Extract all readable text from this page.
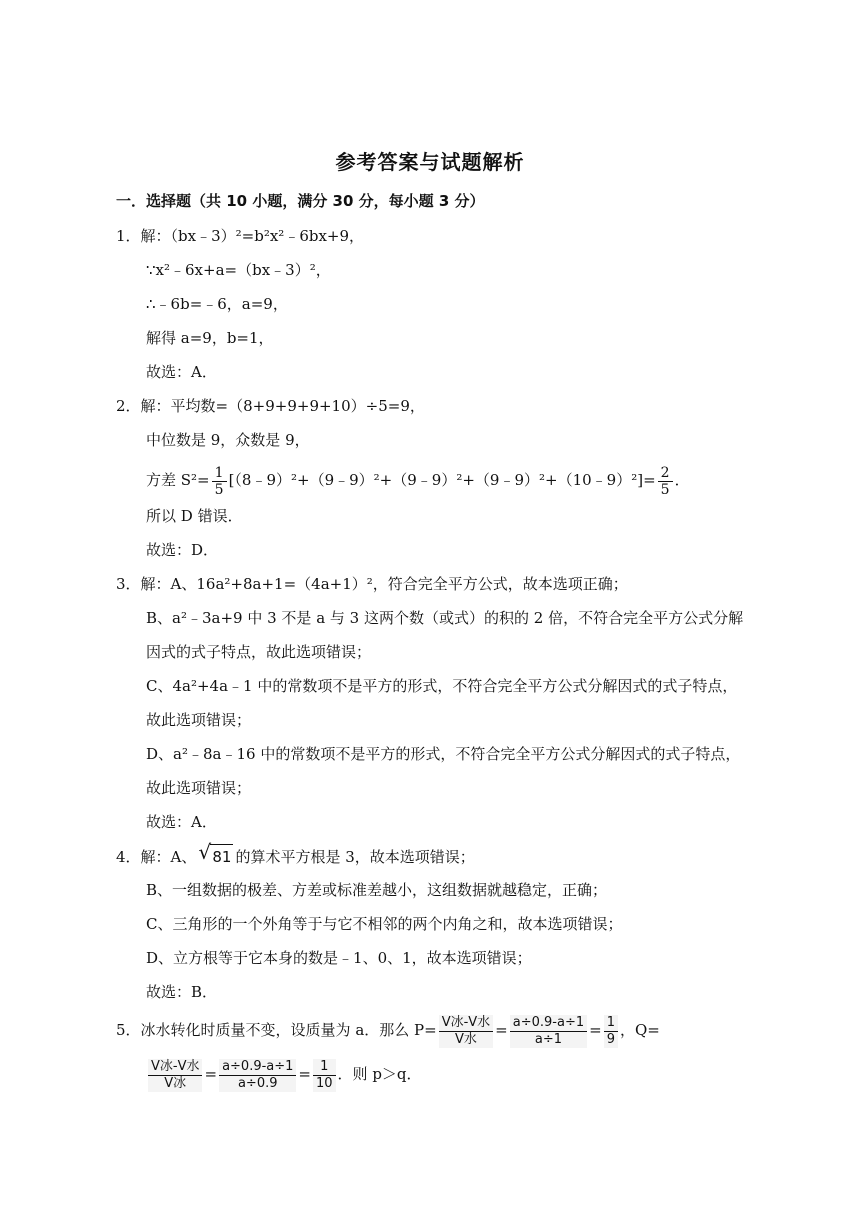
参考答案与试题解析
一．选择题（共 10 小题，满分 30 分，每小题 3 分）
1．解：（bx﹣3）²=b²x²﹣6bx+9，
∵x²﹣6x+a=（bx﹣3）²，
∴﹣6b=﹣6，a=9，
解得 a=9，b=1，
故选：A．
2．解：平均数=（8+9+9+9+10）÷5=9，
中位数是 9，众数是 9，
方差 $S^2= \frac{1}{5}$ [（8﹣9）²+（9﹣9）²+（9﹣9）²+（9﹣9）²+（10﹣9）²]= $\frac{2}{5}$ ．
所以 D 错误．
故选：D．
3．解：A、16a²+8a+1=（4a+1）²，符合完全平方公式，故本选项正确；
B、a²﹣3a+9 中 3 不是 a 与 3 这两个数（或式）的积的 2 倍，不符合完全平方公式分解
因式的式子特点，故此选项错误；
C、4a²+4a﹣1 中的常数项不是平方的形式，不符合完全平方公式分解因式的式子特点，
故此选项错误；
D、a²﹣8a﹣16 中的常数项不是平方的形式，不符合完全平方公式分解因式的式子特点，
故此选项错误；
故选：A．
4．解：A、 √ 81 的算术平方根是 3，故本选项错误；
B、一组数据的极差、方差或标准差越小，这组数据就越稳定，正确；
C、三角形的一个外角等于与它不相邻的两个内角之和，故本选项错误；
D、立方根等于它本身的数是﹣1、0、1，故本选项错误；
故选：B．
5．冰水转化时质量不变，设质量为 a．那么 $P= \frac{\text{V冰-V水}}{\text{V水}} = \frac{a\div 0.9-a\div 1}{a\div 1} = \frac{1}{9}$ ，Q=
$\frac{\text{V冰-V水}}{\text{V冰}} = \frac{a\div 0.9-a\div 1}{a\div 0.9} = \frac{1}{10}$ ．则 p＞q．
